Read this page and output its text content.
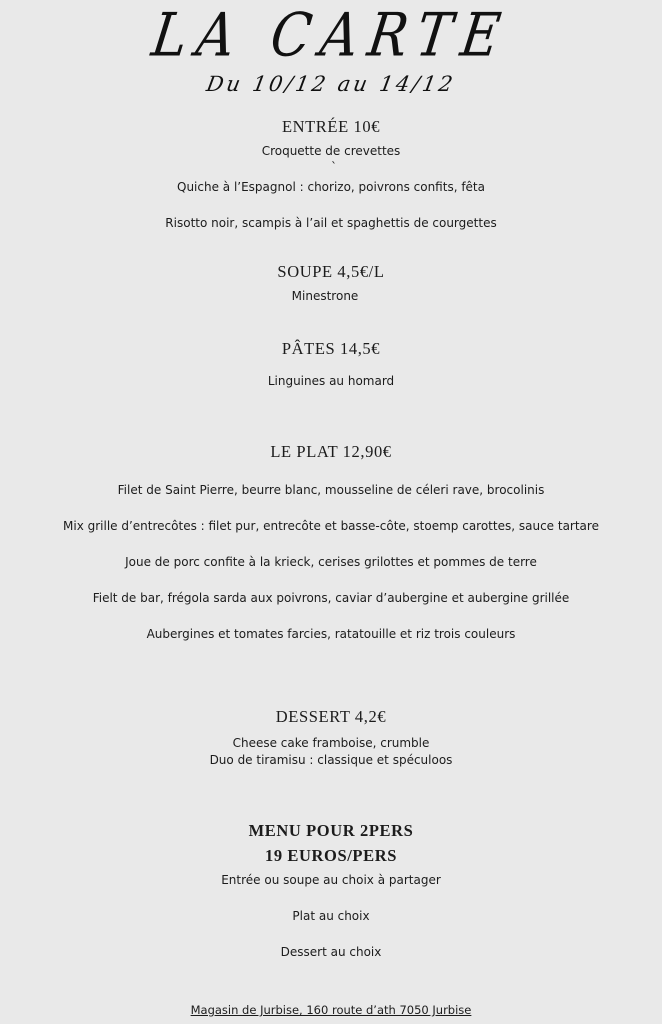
LA CARTE
Du 10/12 au 14/12
ENTRÉE 10€
Croquette de crevettes
`
Quiche à l’Espagnol : chorizo, poivrons confits, fêta
Risotto noir, scampis à l’ail et spaghettis de courgettes
SOUPE 4,5€/L
Minestrone
PÂTES 14,5€
Linguines au homard
LE PLAT 12,90€
Filet de Saint Pierre, beurre blanc, mousseline de céleri rave, brocolinis
Mix grille d’entrecôtes : filet pur, entrecôte et basse-côte, stoemp carottes, sauce tartare
Joue de porc confite à la krieck, cerises grilottes et pommes de terre
Fielt de bar, frégola sarda aux poivrons, caviar d’aubergine et aubergine grillée
Aubergines et tomates farcies, ratatouille et riz trois couleurs
DESSERT 4,2€
Cheese cake framboise, crumble
Duo de tiramisu : classique et spéculoos
MENU POUR 2PERS
19 EUROS/PERS
Entrée ou soupe au choix à partager
Plat au choix
Dessert au choix
Magasin de Jurbise, 160 route d’ath 7050 Jurbise
